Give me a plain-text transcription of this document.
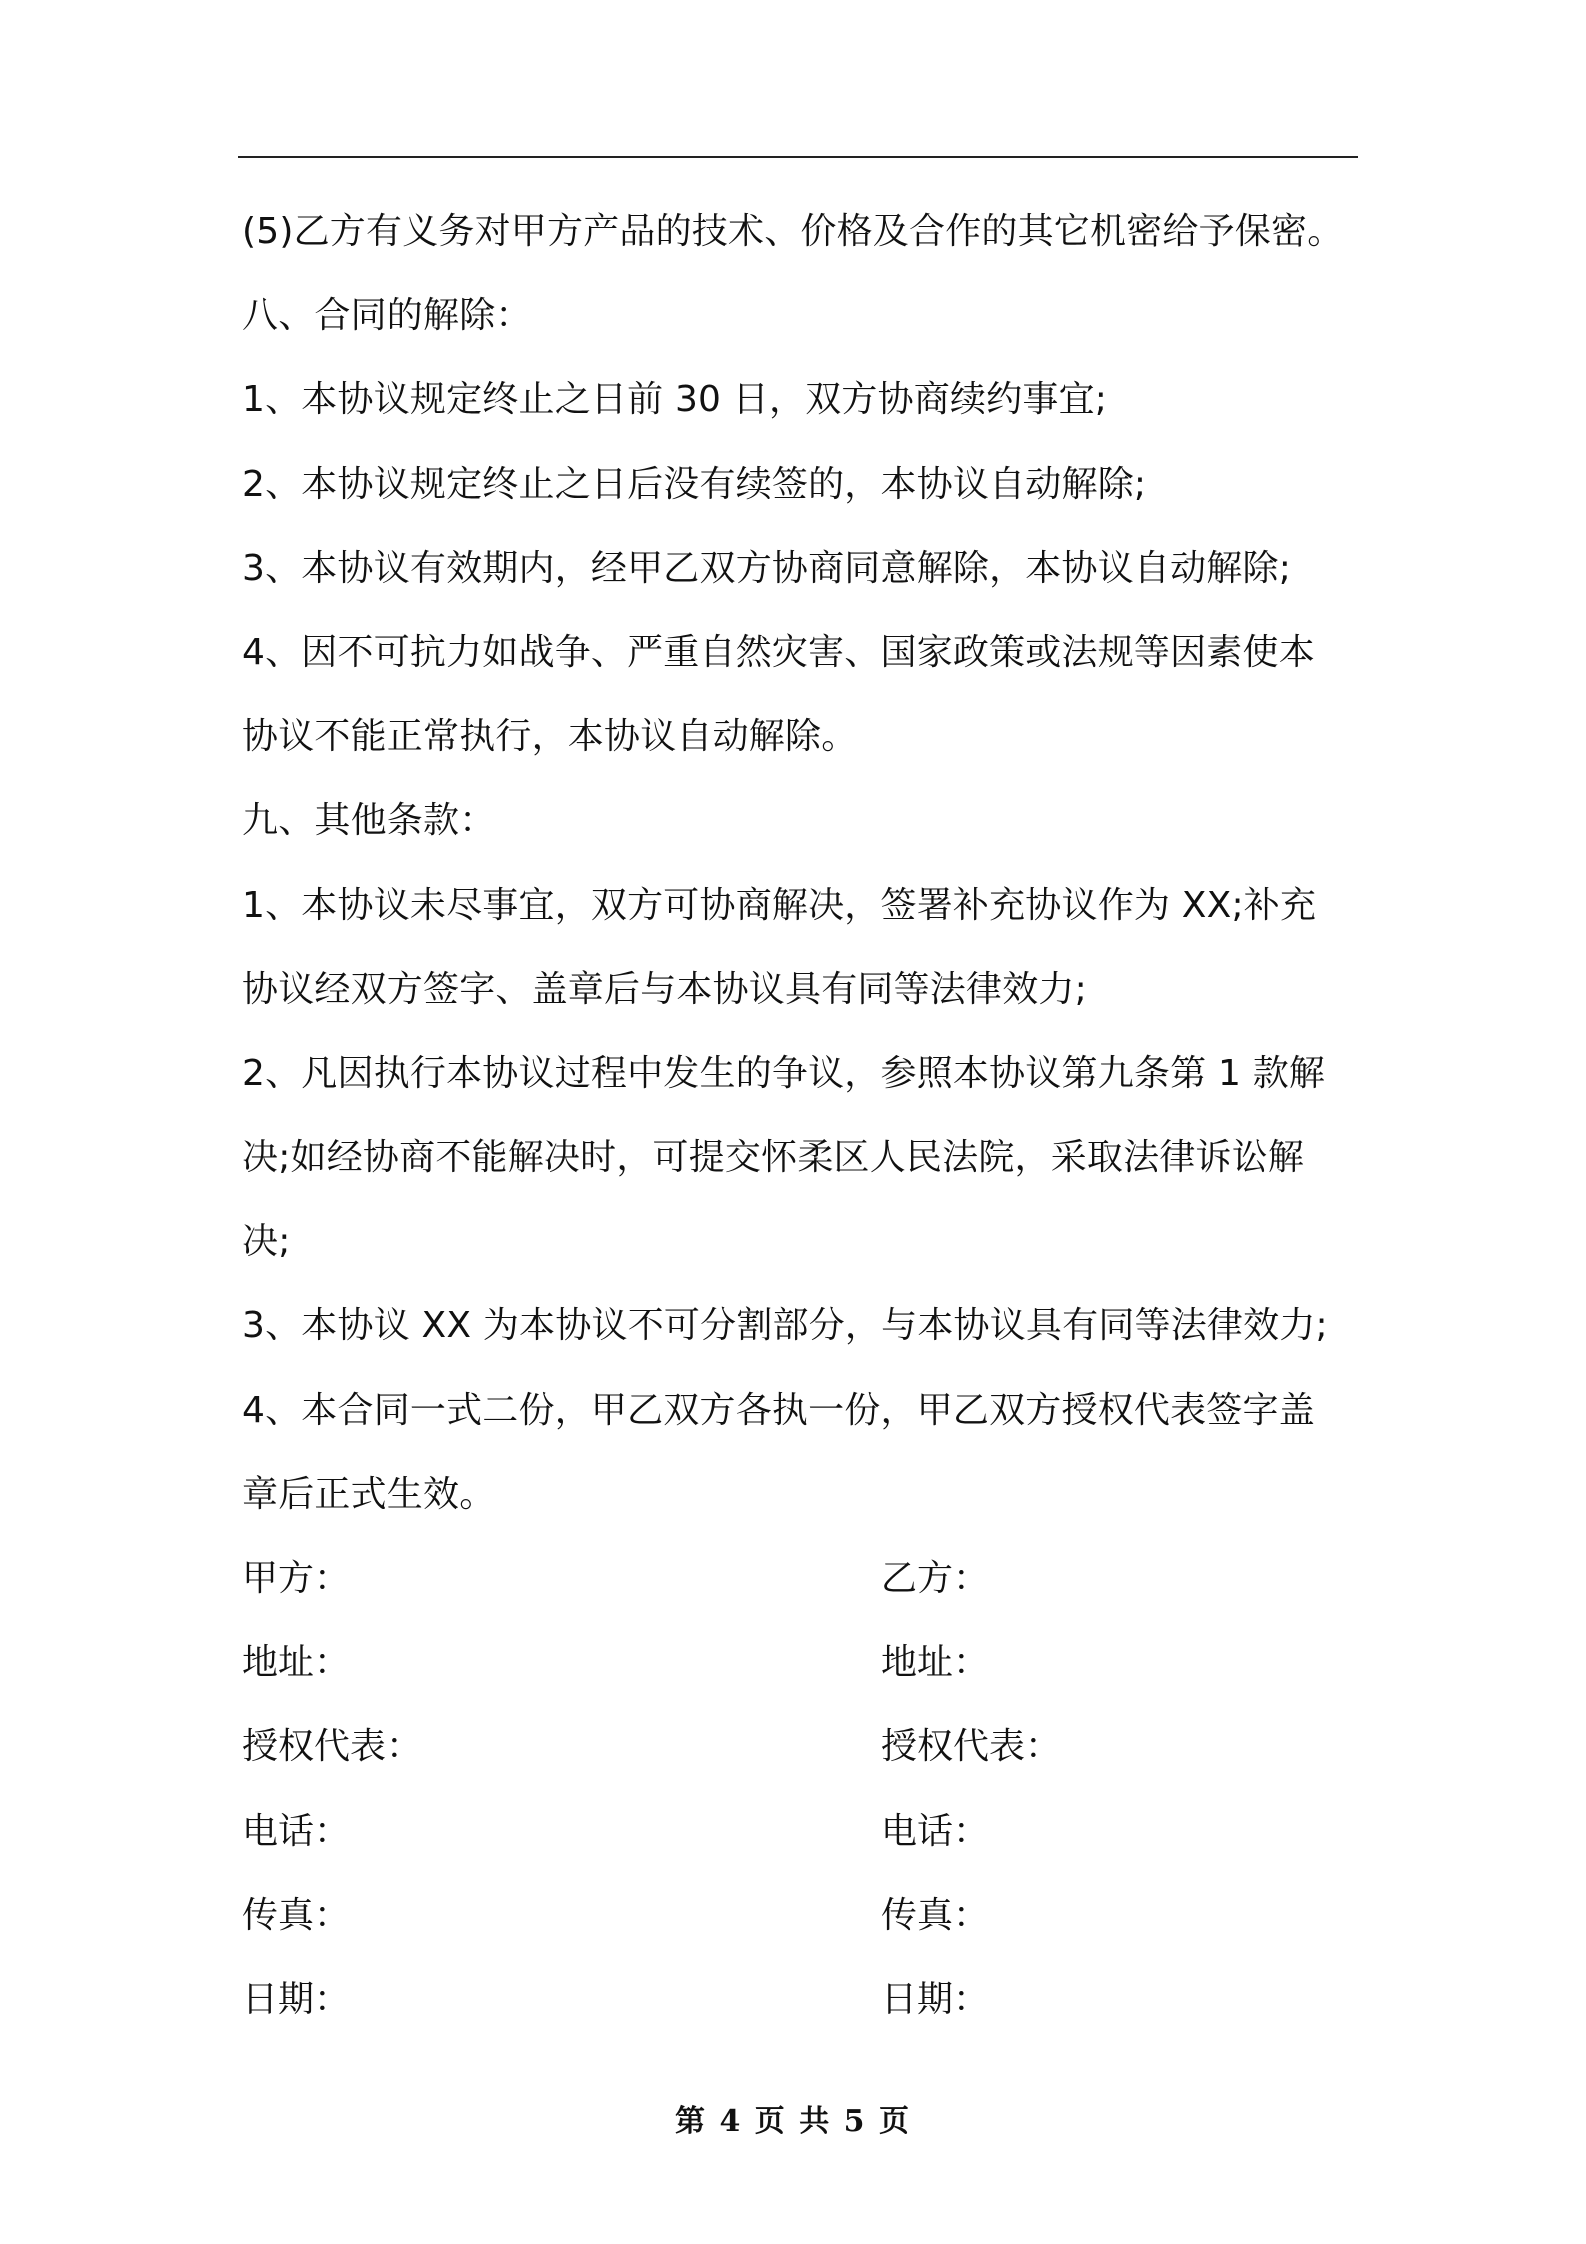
(5)乙方有义务对甲方产品的技术、价格及合作的其它机密给予保密。
八、合同的解除：
1、本协议规定终止之日前 30 日，双方协商续约事宜;
2、本协议规定终止之日后没有续签的，本协议自动解除;
3、本协议有效期内，经甲乙双方协商同意解除，本协议自动解除;
4、因不可抗力如战争、严重自然灾害、国家政策或法规等因素使本
协议不能正常执行，本协议自动解除。
九、其他条款：
1、本协议未尽事宜，双方可协商解决，签署补充协议作为 XX;补充
协议经双方签字、盖章后与本协议具有同等法律效力;
2、凡因执行本协议过程中发生的争议，参照本协议第九条第 1 款解
决;如经协商不能解决时，可提交怀柔区人民法院，采取法律诉讼解
决;
3、本协议 XX 为本协议不可分割部分，与本协议具有同等法律效力;
4、本合同一式二份，甲乙双方各执一份，甲乙双方授权代表签字盖
章后正式生效。
甲方：	乙方：
地址：	地址：
授权代表：	授权代表：
电话：	电话：
传真：	传真：
日期：	日期：
第 4 页 共 5 页
